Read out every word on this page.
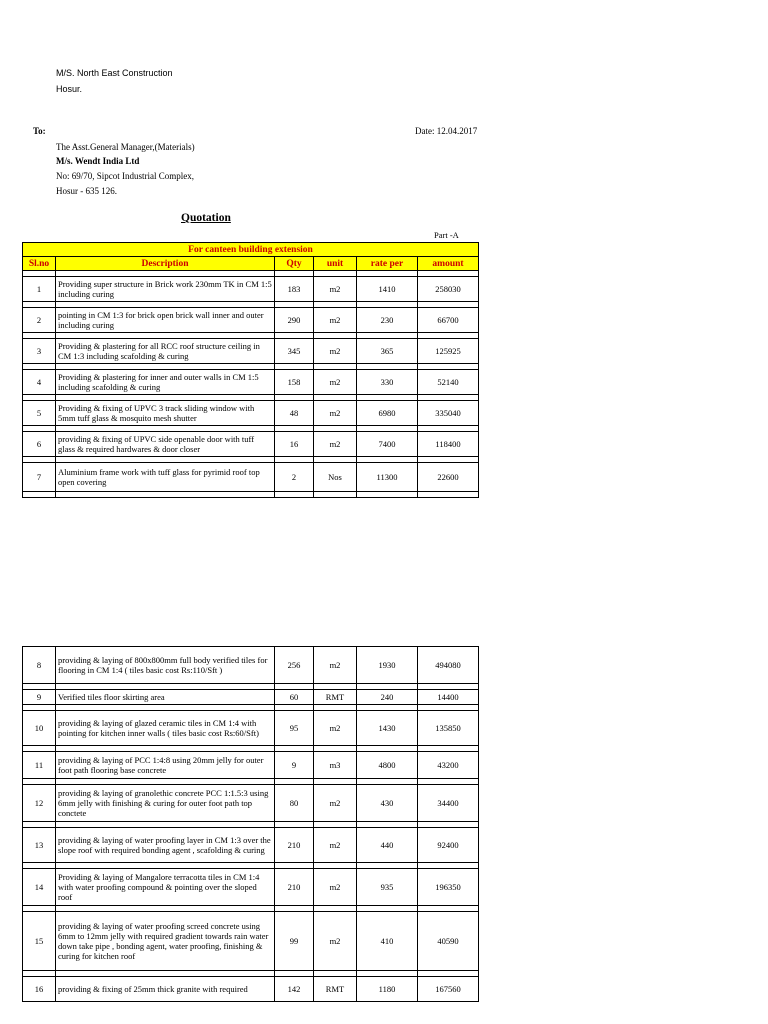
M/S. North East Construction
Hosur.
To:	Date: 12.04.2017
The Asst.General Manager,(Materials)
M/s. Wendt India Ltd
No: 69/70, Sipcot Industrial Complex,
Hosur - 635 126.
Quotation
Part -A
For canteen building extension					
Sl.no	Description	Qty	unit	rate per	amount

1	Providing super structure in Brick work 230mm TK in CM 1:5 including curing	183	m2	1410	258030

2	pointing in CM 1:3 for brick open brick wall inner and outer including curing	290	m2	230	66700

3	Providing & plastering for all RCC roof structure ceiling in CM 1:3 including scafolding & curing	345	m2	365	125925

4	Providing & plastering for inner and outer walls in CM 1:5 including scafolding & curing	158	m2	330	52140

5	Providing & fixing of UPVC 3 track sliding window with 5mm tuff glass & mosquito mesh shutter	48	m2	6980	335040

6	providing & fixing of UPVC side openable door with tuff glass & required hardwares & door closer	16	m2	7400	118400

7	Aluminium frame work with tuff glass for pyrimid roof top open covering	2	Nos	11300	22600

8	providing & laying of 800x800mm full body verified tiles for flooring in CM 1:4 ( tiles basic cost Rs:110/Sft )	256	m2	1930	494080

9	Verified tiles floor skirting area	60	RMT	240	14400

10	providing & laying of glazed ceramic tiles in CM 1:4 with pointing for kitchen inner walls ( tiles basic cost Rs:60/Sft)	95	m2	1430	135850

11	providing & laying of PCC 1:4:8 using 20mm jelly for outer foot path flooring base concrete	9	m3	4800	43200

12	providing & laying of granolethic concrete PCC 1:1.5:3 using 6mm jelly with finishing & curing for outer foot path top conctete	80	m2	430	34400

13	providing & laying of water proofing layer in CM 1:3 over the slope roof with required bonding agent , scafolding & curing	210	m2	440	92400

14	Providing & laying of Mangalore terracotta tiles in CM 1:4 with water proofing compound & pointing over the sloped roof	210	m2	935	196350

15	providing & laying of water proofing screed concrete using 6mm to 12mm jelly with required gradient towards rain water down take pipe , bonding agent, water proofing, finishing & curing for kitchen roof	99	m2	410	40590

16	providing & fixing of 25mm thick granite with required	142	RMT	1180	167560
